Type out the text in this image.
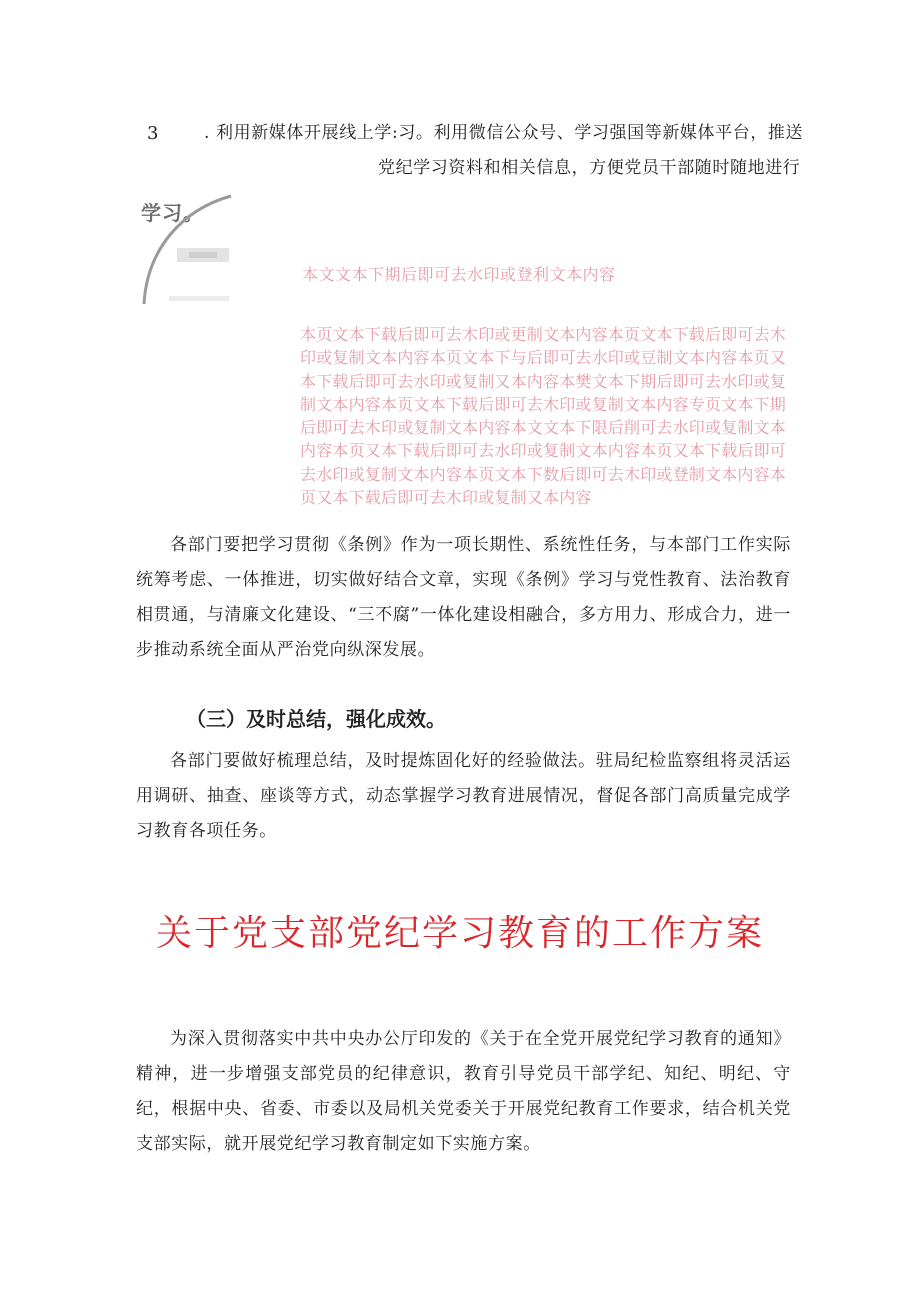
3	. 利用新媒体开展线上学:习。利用微信公众号、学习强国等新媒体平台，推送
党纪学习资料和相关信息，方便党员干部随时随地进行
学习。
本文文本下期后即可去水印或登利文本内容
本页文本下载后即可去木印或更制文本内容本页文本下载后即可去木印或复制文本内容本页文本下与后即可去水印或豆制文本内容本页又本下载后即可去水印或复制又本内容本樊文本下期后即可去水印或复制文本内容本页文本下载后即可去木印或复制文本内容专页文本下期后即可去木印或复制文本内容本文文本下限后削可去水印或复制文本内容本页又本下载后即可去水印或复制文本内容本页又本下载后即可去水印或复制文本内容本页文本下数后即可去木印或登制文本内容本页又本下载后即可去木印或复制又本内容
各部门要把学习贯彻《条例》作为一项长期性、系统性任务，与本部门工作实际统筹考虑、一体推进，切实做好结合文章，实现《条例》学习与党性教育、法治教育相贯通，与清廉文化建设、“三不腐”一体化建设相融合，多方用力、形成合力，进一步推动系统全面从严治党向纵深发展。
（三）及时总结，强化成效。
各部门要做好梳理总结，及时提炼固化好的经验做法。驻局纪检监察组将灵活运用调研、抽查、座谈等方式，动态掌握学习教育进展情况，督促各部门高质量完成学习教育各项任务。
关于党支部党纪学习教育的工作方案
为深入贯彻落实中共中央办公厅印发的《关于在全党开展党纪学习教育的通知》精神，进一步增强支部党员的纪律意识，教育引导党员干部学纪、知纪、明纪、守纪，根据中央、省委、市委以及局机关党委关于开展党纪教育工作要求，结合机关党支部实际，就开展党纪学习教育制定如下实施方案。
